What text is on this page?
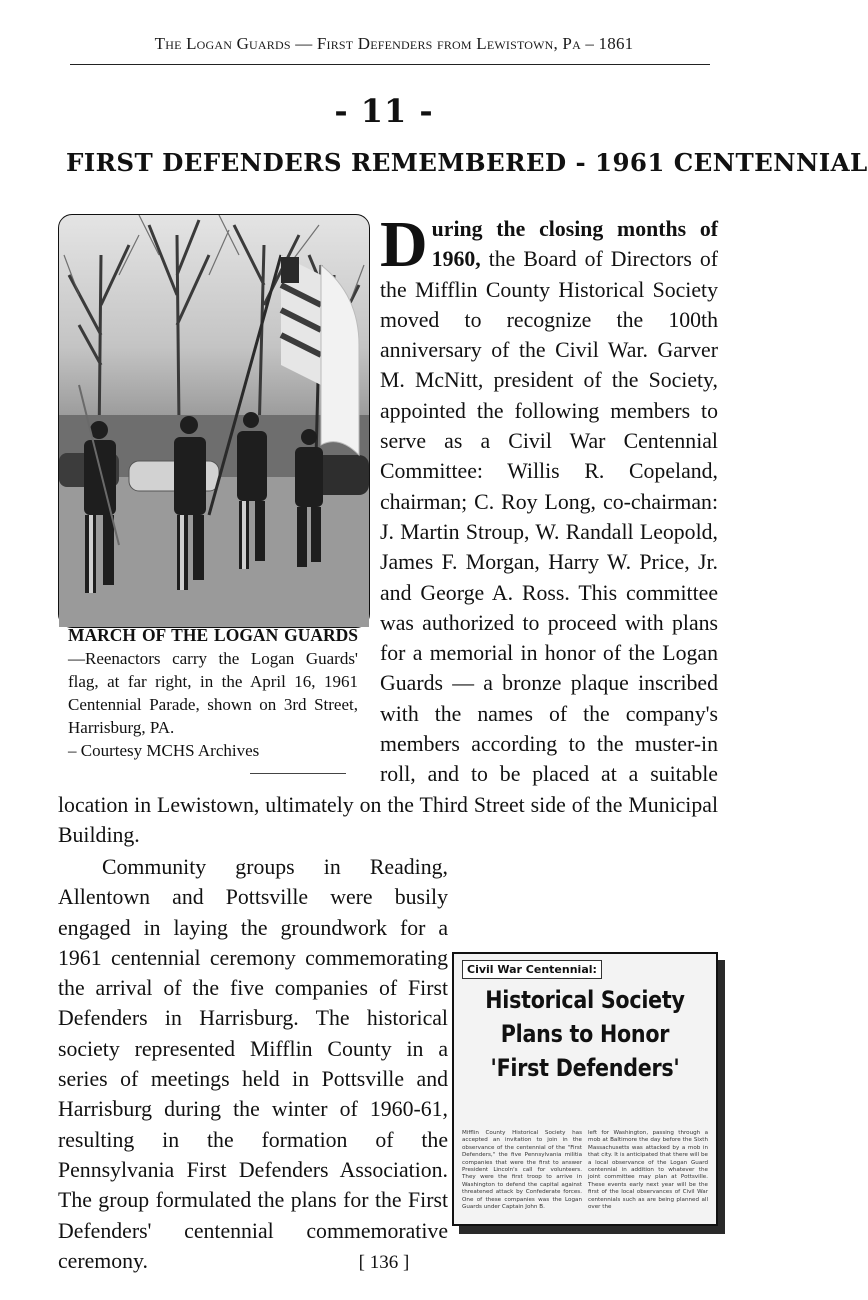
The Logan Guards — First Defenders from Lewistown, Pa – 1861
- 11 -
FIRST DEFENDERS REMEMBERED - 1961 CENTENNIAL
MARCH OF THE LOGAN GUARDS —Reenactors carry the Logan Guards' flag, at far right, in the April 16, 1961 Centennial Parade, shown on 3rd Street, Harrisburg, PA.
– Courtesy MCHS Archives

D uring the closing months of 1960, the Board of Directors of the Mifflin County Historical Society moved to recognize the 100th anniversary of the Civil War. Garver M. McNitt, president of the Society, appointed the following members to serve as a Civil War Centennial Committee: Willis R. Copeland, chairman; C. Roy Long, co-chairman: J. Martin Stroup, W. Randall Leopold, James F. Morgan, Harry W. Price, Jr. and George A. Ross. This committee was authorized to proceed with plans for a memorial in honor of the Logan Guards — a bronze plaque inscribed with the names of the company's members according to the muster-in roll, and to be placed at a suitable location in Lewistown, ultimately on the Third Street side of the Municipal Building.

Community groups in Reading, Allentown and Pottsville were busily engaged in laying the groundwork for a 1961 centennial ceremony commemorating the arrival of the five companies of First Defenders in Harrisburg. The historical society represented Mifflin County in a series of meetings held in Pottsville and Harrisburg during the winter of 1960-61, resulting in the formation of the Pennsylvania First Defenders Association. The group formulated the plans for the First Defenders' centennial commemorative ceremony.

Civil War Centennial:
Historical Society
Plans to Honor
'First Defenders'
Mifflin County Historical Society has accepted an invitation to join in the observance of the centennial of the "First Defenders," the five Pennsylvania militia companies that were the first to answer President Lincoln's call for volunteers. They were the first troop to arrive in Washington to defend the capital against threatened attack by Confederate forces. One of these companies was the Logan Guards under Captain John B.
left for Washington, passing through a mob at Baltimore the day before the Sixth Massachusetts was attacked by a mob in that city. It is anticipated that there will be a local observance of the Logan Guard centennial in addition to whatever the joint committee may plan at Pottsville. These events early next year will be the first of the local observances of Civil War centennials such as are being planned all over the
[ 136 ]
